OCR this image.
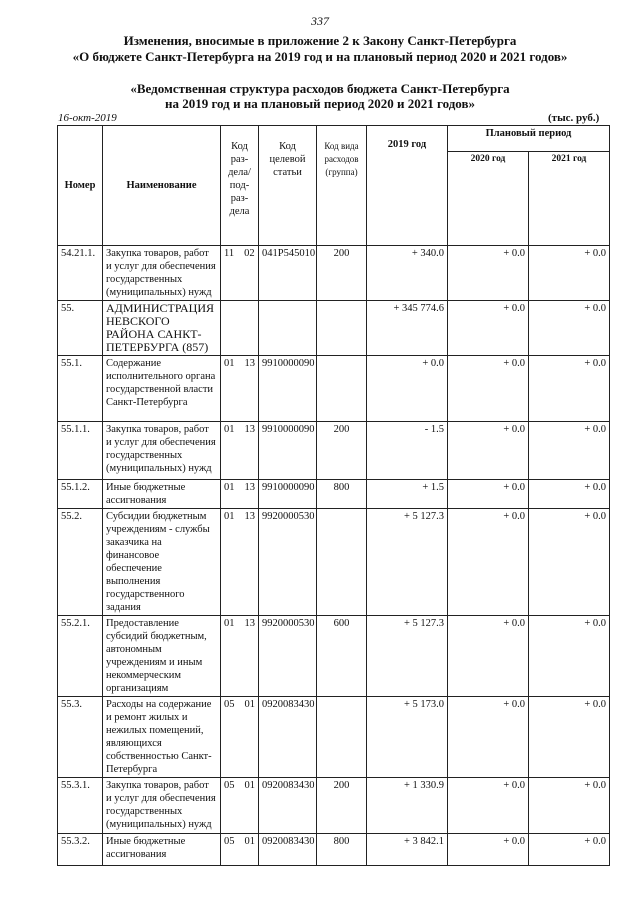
337
Изменения, вносимые в приложение 2 к Закону Санкт-Петербурга
«О бюджете Санкт-Петербурга на 2019 год и на плановый период 2020 и 2021 годов»
«Ведомственная структура расходов бюджета Санкт-Петербурга
на 2019 год и на плановый период 2020 и 2021 годов»
16-окт-2019	(тыс. руб.)
Номер	Наименование	Код раз- дела/ под- раз- дела	Код целевой статьи	Код вида расходов (группа)	2019 год	Плановый период	
						2020 год	2021 год
54.21.1.	Закупка товаров, работ и услуг для обеспечения государственных (муниципальных) нужд	11 02	041P545010	200	+ 340.0	+ 0.0	+ 0.0
55.	АДМИНИСТРАЦИЯ НЕВСКОГО РАЙОНА САНКТ-ПЕТЕРБУРГА (857)				+ 345 774.6	+ 0.0	+ 0.0
55.1.	Содержание исполнительного органа государственной власти Санкт-Петербурга	01 13	9910000090		+ 0.0	+ 0.0	+ 0.0
55.1.1.	Закупка товаров, работ и услуг для обеспечения государственных (муниципальных) нужд	01 13	9910000090	200	- 1.5	+ 0.0	+ 0.0
55.1.2.	Иные бюджетные ассигнования	01 13	9910000090	800	+ 1.5	+ 0.0	+ 0.0
55.2.	Субсидии бюджетным учреждениям - службы заказчика на финансовое обеспечение выполнения государственного задания	01 13	9920000530		+ 5 127.3	+ 0.0	+ 0.0
55.2.1.	Предоставление субсидий бюджетным, автономным учреждениям и иным некоммерческим организациям	01 13	9920000530	600	+ 5 127.3	+ 0.0	+ 0.0
55.3.	Расходы на содержание и ремонт жилых и нежилых помещений, являющихся собственностью Санкт-Петербурга	05 01	0920083430		+ 5 173.0	+ 0.0	+ 0.0
55.3.1.	Закупка товаров, работ и услуг для обеспечения государственных (муниципальных) нужд	05 01	0920083430	200	+ 1 330.9	+ 0.0	+ 0.0
55.3.2.	Иные бюджетные ассигнования	05 01	0920083430	800	+ 3 842.1	+ 0.0	+ 0.0
